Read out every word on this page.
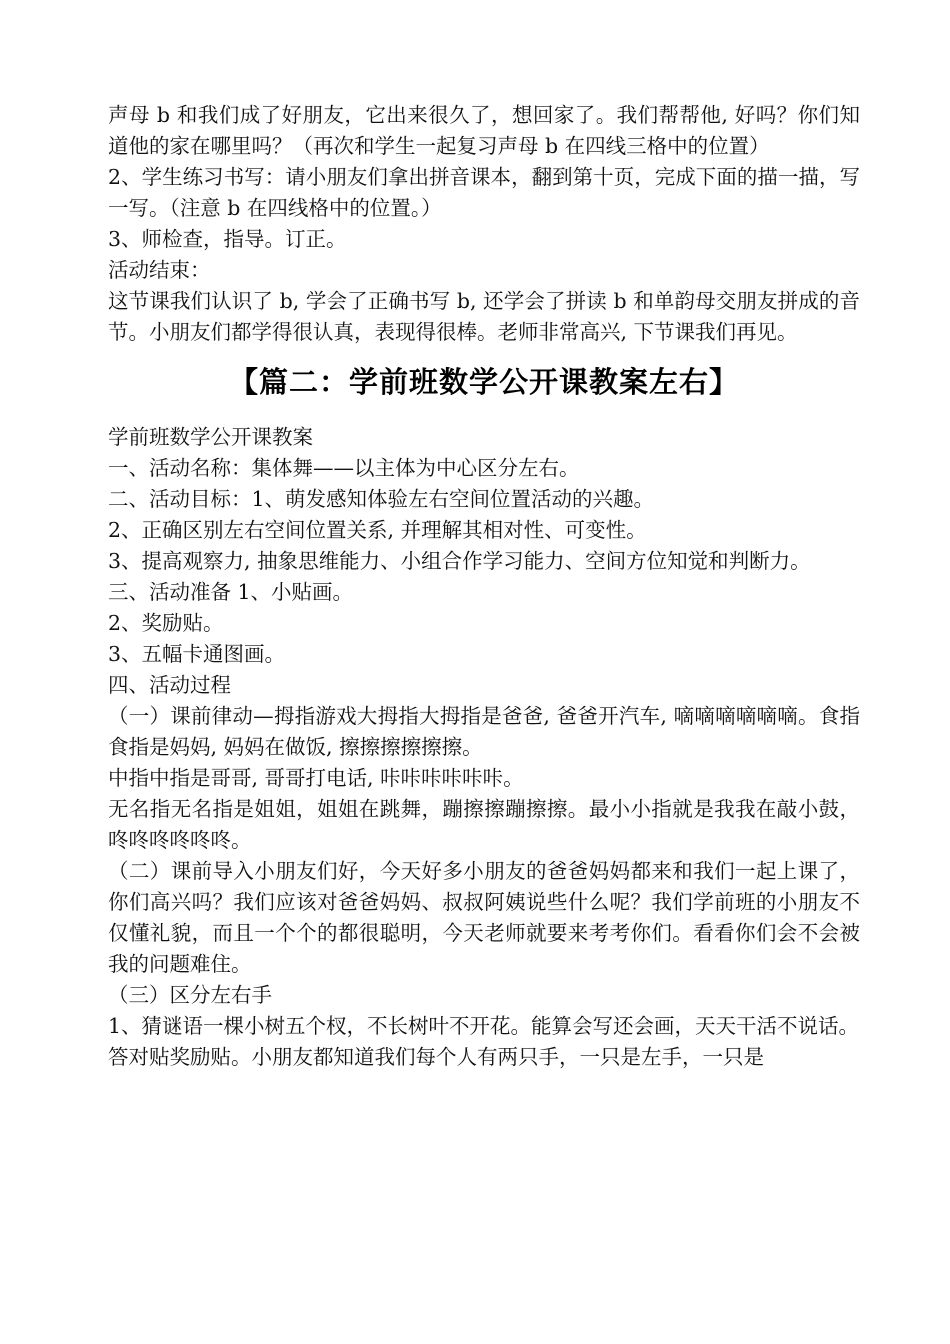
声母 b 和我们成了好朋友，它出来很久了，想回家了。我们帮帮他, 好吗？你们知道他的家在哪里吗？（再次和学生一起复习声母 b 在四线三格中的位置）

2、学生练习书写：请小朋友们拿出拼音课本，翻到第十页，完成下面的描一描，写一写。（注意 b 在四线格中的位置。）

3、师检查，指导。订正。

活动结束：

这节课我们认识了 b, 学会了正确书写 b, 还学会了拼读 b 和单韵母交朋友拼成的音节。小朋友们都学得很认真，表现得很棒。老师非常高兴, 下节课我们再见。

【篇二：学前班数学公开课教案左右】

学前班数学公开课教案

一、活动名称：集体舞——以主体为中心区分左右。

二、活动目标：1、萌发感知体验左右空间位置活动的兴趣。

2、正确区别左右空间位置关系, 并理解其相对性、可变性。

3、提高观察力, 抽象思维能力、小组合作学习能力、空间方位知觉和判断力。

三、活动准备 1、小贴画。

2、奖励贴。

3、五幅卡通图画。

四、活动过程

（一）课前律动—拇指游戏大拇指大拇指是爸爸, 爸爸开汽车, 嘀嘀嘀嘀嘀嘀。食指食指是妈妈, 妈妈在做饭, 擦擦擦擦擦擦。

中指中指是哥哥, 哥哥打电话, 咔咔咔咔咔咔。

无名指无名指是姐姐，姐姐在跳舞，蹦擦擦蹦擦擦。最小小指就是我我在敲小鼓，咚咚咚咚咚咚。

（二）课前导入小朋友们好，今天好多小朋友的爸爸妈妈都来和我们一起上课了，你们高兴吗？我们应该对爸爸妈妈、叔叔阿姨说些什么呢？我们学前班的小朋友不仅懂礼貌，而且一个个的都很聪明，今天老师就要来考考你们。看看你们会不会被我的问题难住。

（三）区分左右手

1、猜谜语一棵小树五个杈，不长树叶不开花。能算会写还会画，天天干活不说话。

答对贴奖励贴。小朋友都知道我们每个人有两只手，一只是左手，一只是
